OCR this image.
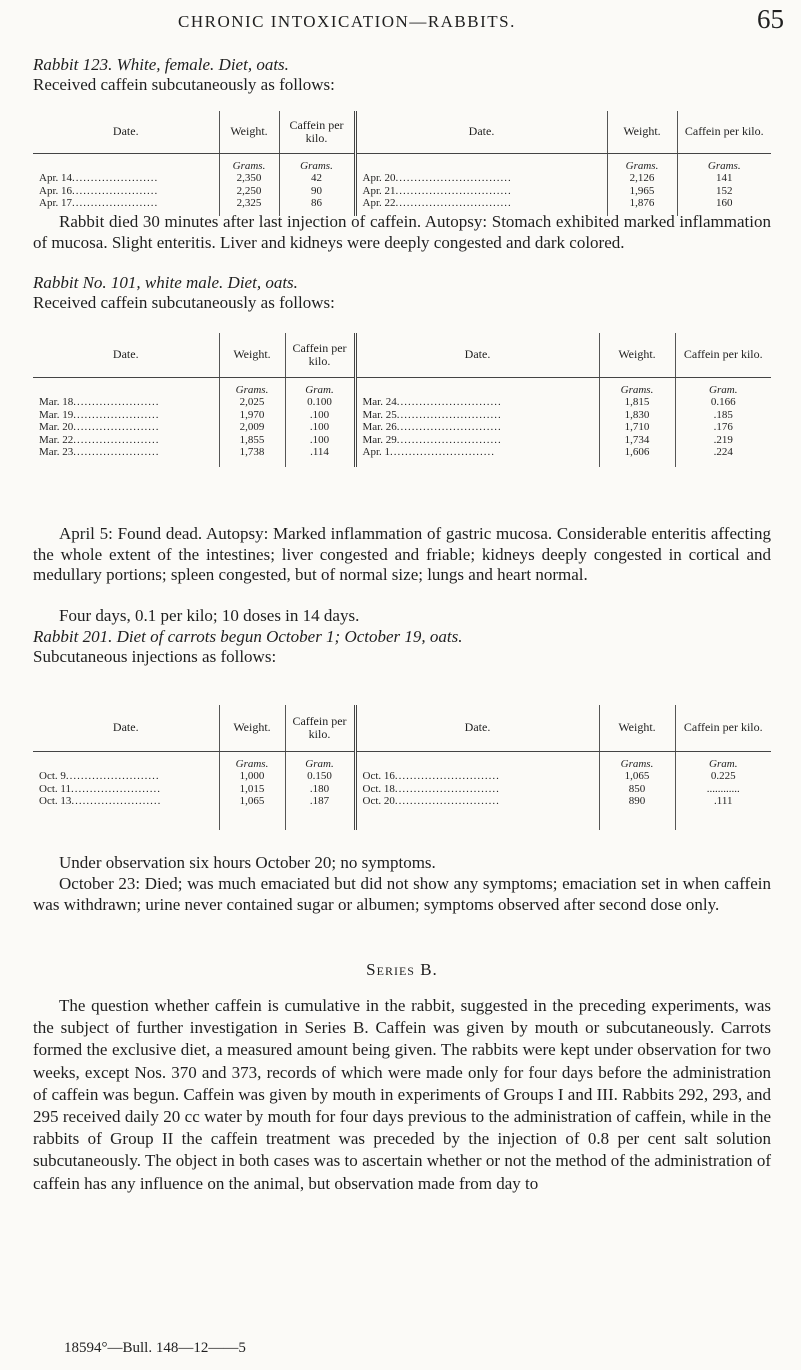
CHRONIC INTOXICATION—RABBITS.	65
Rabbit 123. White, female. Diet, oats.
Received caffein subcutaneously as follows:
Date.	Weight.	Caffein per kilo.	Date.	Weight.	Caffein per kilo.
	Grams.	Grams.		Grams.	Grams.
Apr. 14.......................	2,350	42	Apr. 20...............................	2,126	141
Apr. 16.......................	2,250	90	Apr. 21...............................	1,965	152
Apr. 17.......................	2,325	86	Apr. 22...............................	1,876	160

Rabbit died 30 minutes after last injection of caffein. Autopsy: Stomach exhibited marked inflammation of mucosa. Slight enteritis. Liver and kidneys were deeply congested and dark colored.

Rabbit No. 101, white male. Diet, oats.
Received caffein subcutaneously as follows:
Date.	Weight.	Caffein per kilo.	Date.	Weight.	Caffein per kilo.
	Grams.	Gram.		Grams.	Gram.
Mar. 18.......................	2,025	0.100	Mar. 24............................	1,815	0.166
Mar. 19.......................	1,970	.100	Mar. 25............................	1,830	.185
Mar. 20.......................	2,009	.100	Mar. 26............................	1,710	.176
Mar. 22.......................	1,855	.100	Mar. 29............................	1,734	.219
Mar. 23.......................	1,738	.114	Apr. 1............................	1,606	.224

April 5: Found dead. Autopsy: Marked inflammation of gastric mucosa. Considerable enteritis affecting the whole extent of the intestines; liver congested and friable; kidneys deeply congested in cortical and medullary portions; spleen congested, but of normal size; lungs and heart normal.

Four days, 0.1 per kilo; 10 doses in 14 days.

Rabbit 201. Diet of carrots begun October 1; October 19, oats.
Subcutaneous injections as follows:
Date.	Weight.	Caffein per kilo.	Date.	Weight.	Caffein per kilo.
	Grams.	Gram.		Grams.	Gram.
Oct. 9.........................	1,000	0.150	Oct. 16............................	1,065	0.225
Oct. 11........................	1,015	.180	Oct. 18............................	850	............
Oct. 13........................	1,065	.187	Oct. 20............................	890	.111

Under observation six hours October 20; no symptoms.

October 23: Died; was much emaciated but did not show any symptoms; emaciation set in when caffein was withdrawn; urine never contained sugar or albumen; symptoms observed after second dose only.

Series B.

The question whether caffein is cumulative in the rabbit, suggested in the preceding experiments, was the subject of further investigation in Series B. Caffein was given by mouth or subcutaneously. Carrots formed the exclusive diet, a measured amount being given. The rabbits were kept under observation for two weeks, except Nos. 370 and 373, records of which were made only for four days before the administration of caffein was begun. Caffein was given by mouth in experiments of Groups I and III. Rabbits 292, 293, and 295 received daily 20 cc water by mouth for four days previous to the administration of caffein, while in the rabbits of Group II the caffein treatment was preceded by the injection of 0.8 per cent salt solution subcutaneously. The object in both cases was to ascertain whether or not the method of the administration of caffein has any influence on the animal, but observation made from day to

18594°—Bull. 148—12——5
